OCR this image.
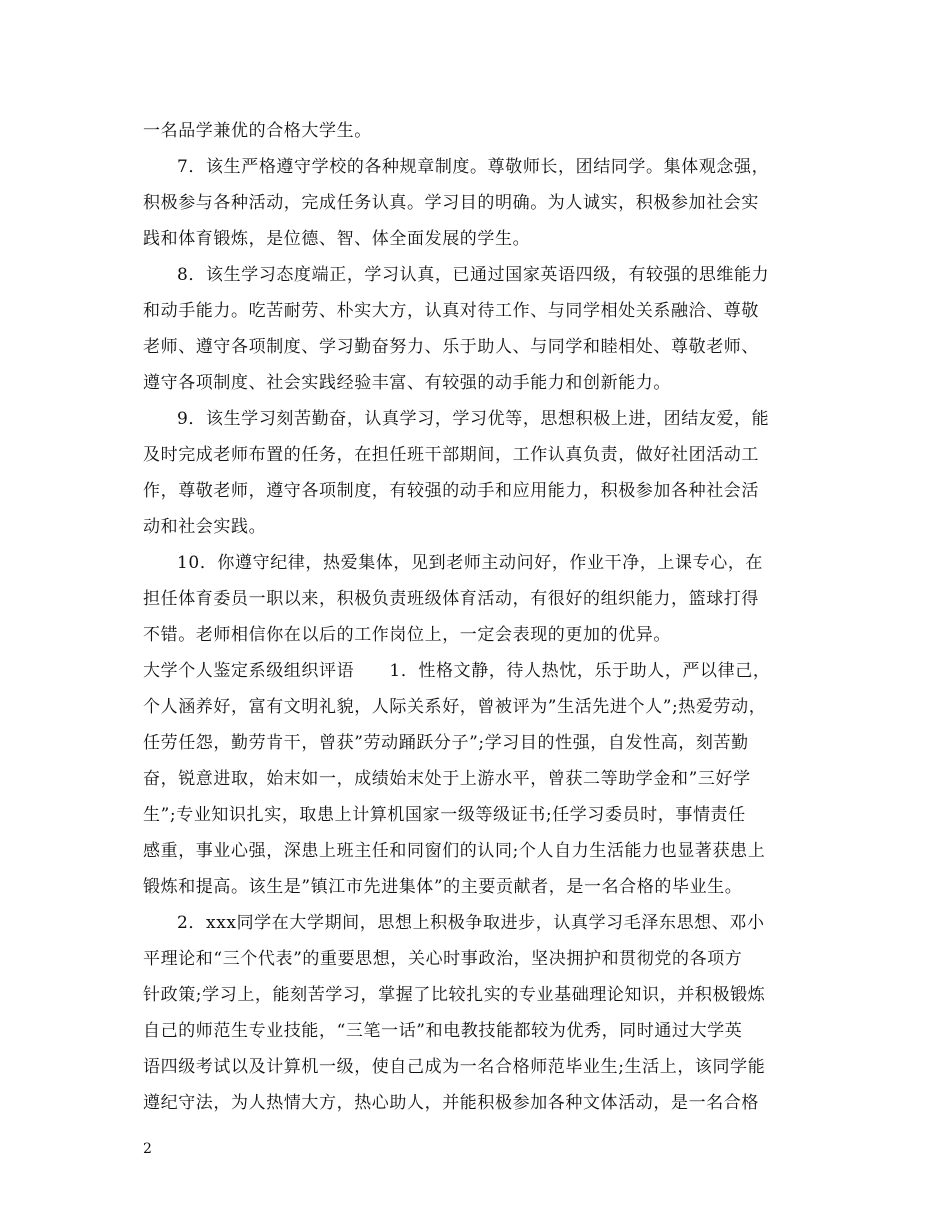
一名品学兼优的合格大学生。
7．该生严格遵守学校的各种规章制度。尊敬师长，团结同学。集体观念强，
积极参与各种活动，完成任务认真。学习目的明确。为人诚实，积极参加社会实
践和体育锻炼，是位德、智、体全面发展的学生。
8．该生学习态度端正，学习认真，已通过国家英语四级，有较强的思维能力
和动手能力。吃苦耐劳、朴实大方，认真对待工作、与同学相处关系融洽、尊敬
老师、遵守各项制度、学习勤奋努力、乐于助人、与同学和睦相处、尊敬老师、
遵守各项制度、社会实践经验丰富、有较强的动手能力和创新能力。
9．该生学习刻苦勤奋，认真学习，学习优等，思想积极上进，团结友爱，能
及时完成老师布置的任务，在担任班干部期间，工作认真负责，做好社团活动工
作，尊敬老师，遵守各项制度，有较强的动手和应用能力，积极参加各种社会活
动和社会实践。
10．你遵守纪律，热爱集体，见到老师主动问好，作业干净，上课专心，在
担任体育委员一职以来，积极负责班级体育活动，有很好的组织能力，篮球打得
不错。老师相信你在以后的工作岗位上，一定会表现的更加的优异。
大学个人鉴定系级组织评语　　1．性格文静，待人热忱，乐于助人，严以律己，
个人涵养好，富有文明礼貌，人际关系好，曾被评为”生活先进个人”;热爱劳动，
任劳任怨，勤劳肯干，曾获”劳动踊跃分子”;学习目的性强，自发性高，刻苦勤
奋，锐意进取，始末如一，成绩始末处于上游水平，曾获二等助学金和”三好学
生”;专业知识扎实，取患上计算机国家一级等级证书;任学习委员时，事情责任
感重，事业心强，深患上班主任和同窗们的认同;个人自力生活能力也显著获患上
锻炼和提高。该生是”镇江市先进集体”的主要贡献者，是一名合格的毕业生。
2．xxx同学在大学期间，思想上积极争取进步，认真学习毛泽东思想、邓小
平理论和“三个代表”的重要思想，关心时事政治，坚决拥护和贯彻党的各项方
针政策;学习上，能刻苦学习，掌握了比较扎实的专业基础理论知识，并积极锻炼
自己的师范生专业技能，“三笔一话”和电教技能都较为优秀，同时通过大学英
语四级考试以及计算机一级，使自己成为一名合格师范毕业生;生活上，该同学能
遵纪守法，为人热情大方，热心助人，并能积极参加各种文体活动，是一名合格
2
